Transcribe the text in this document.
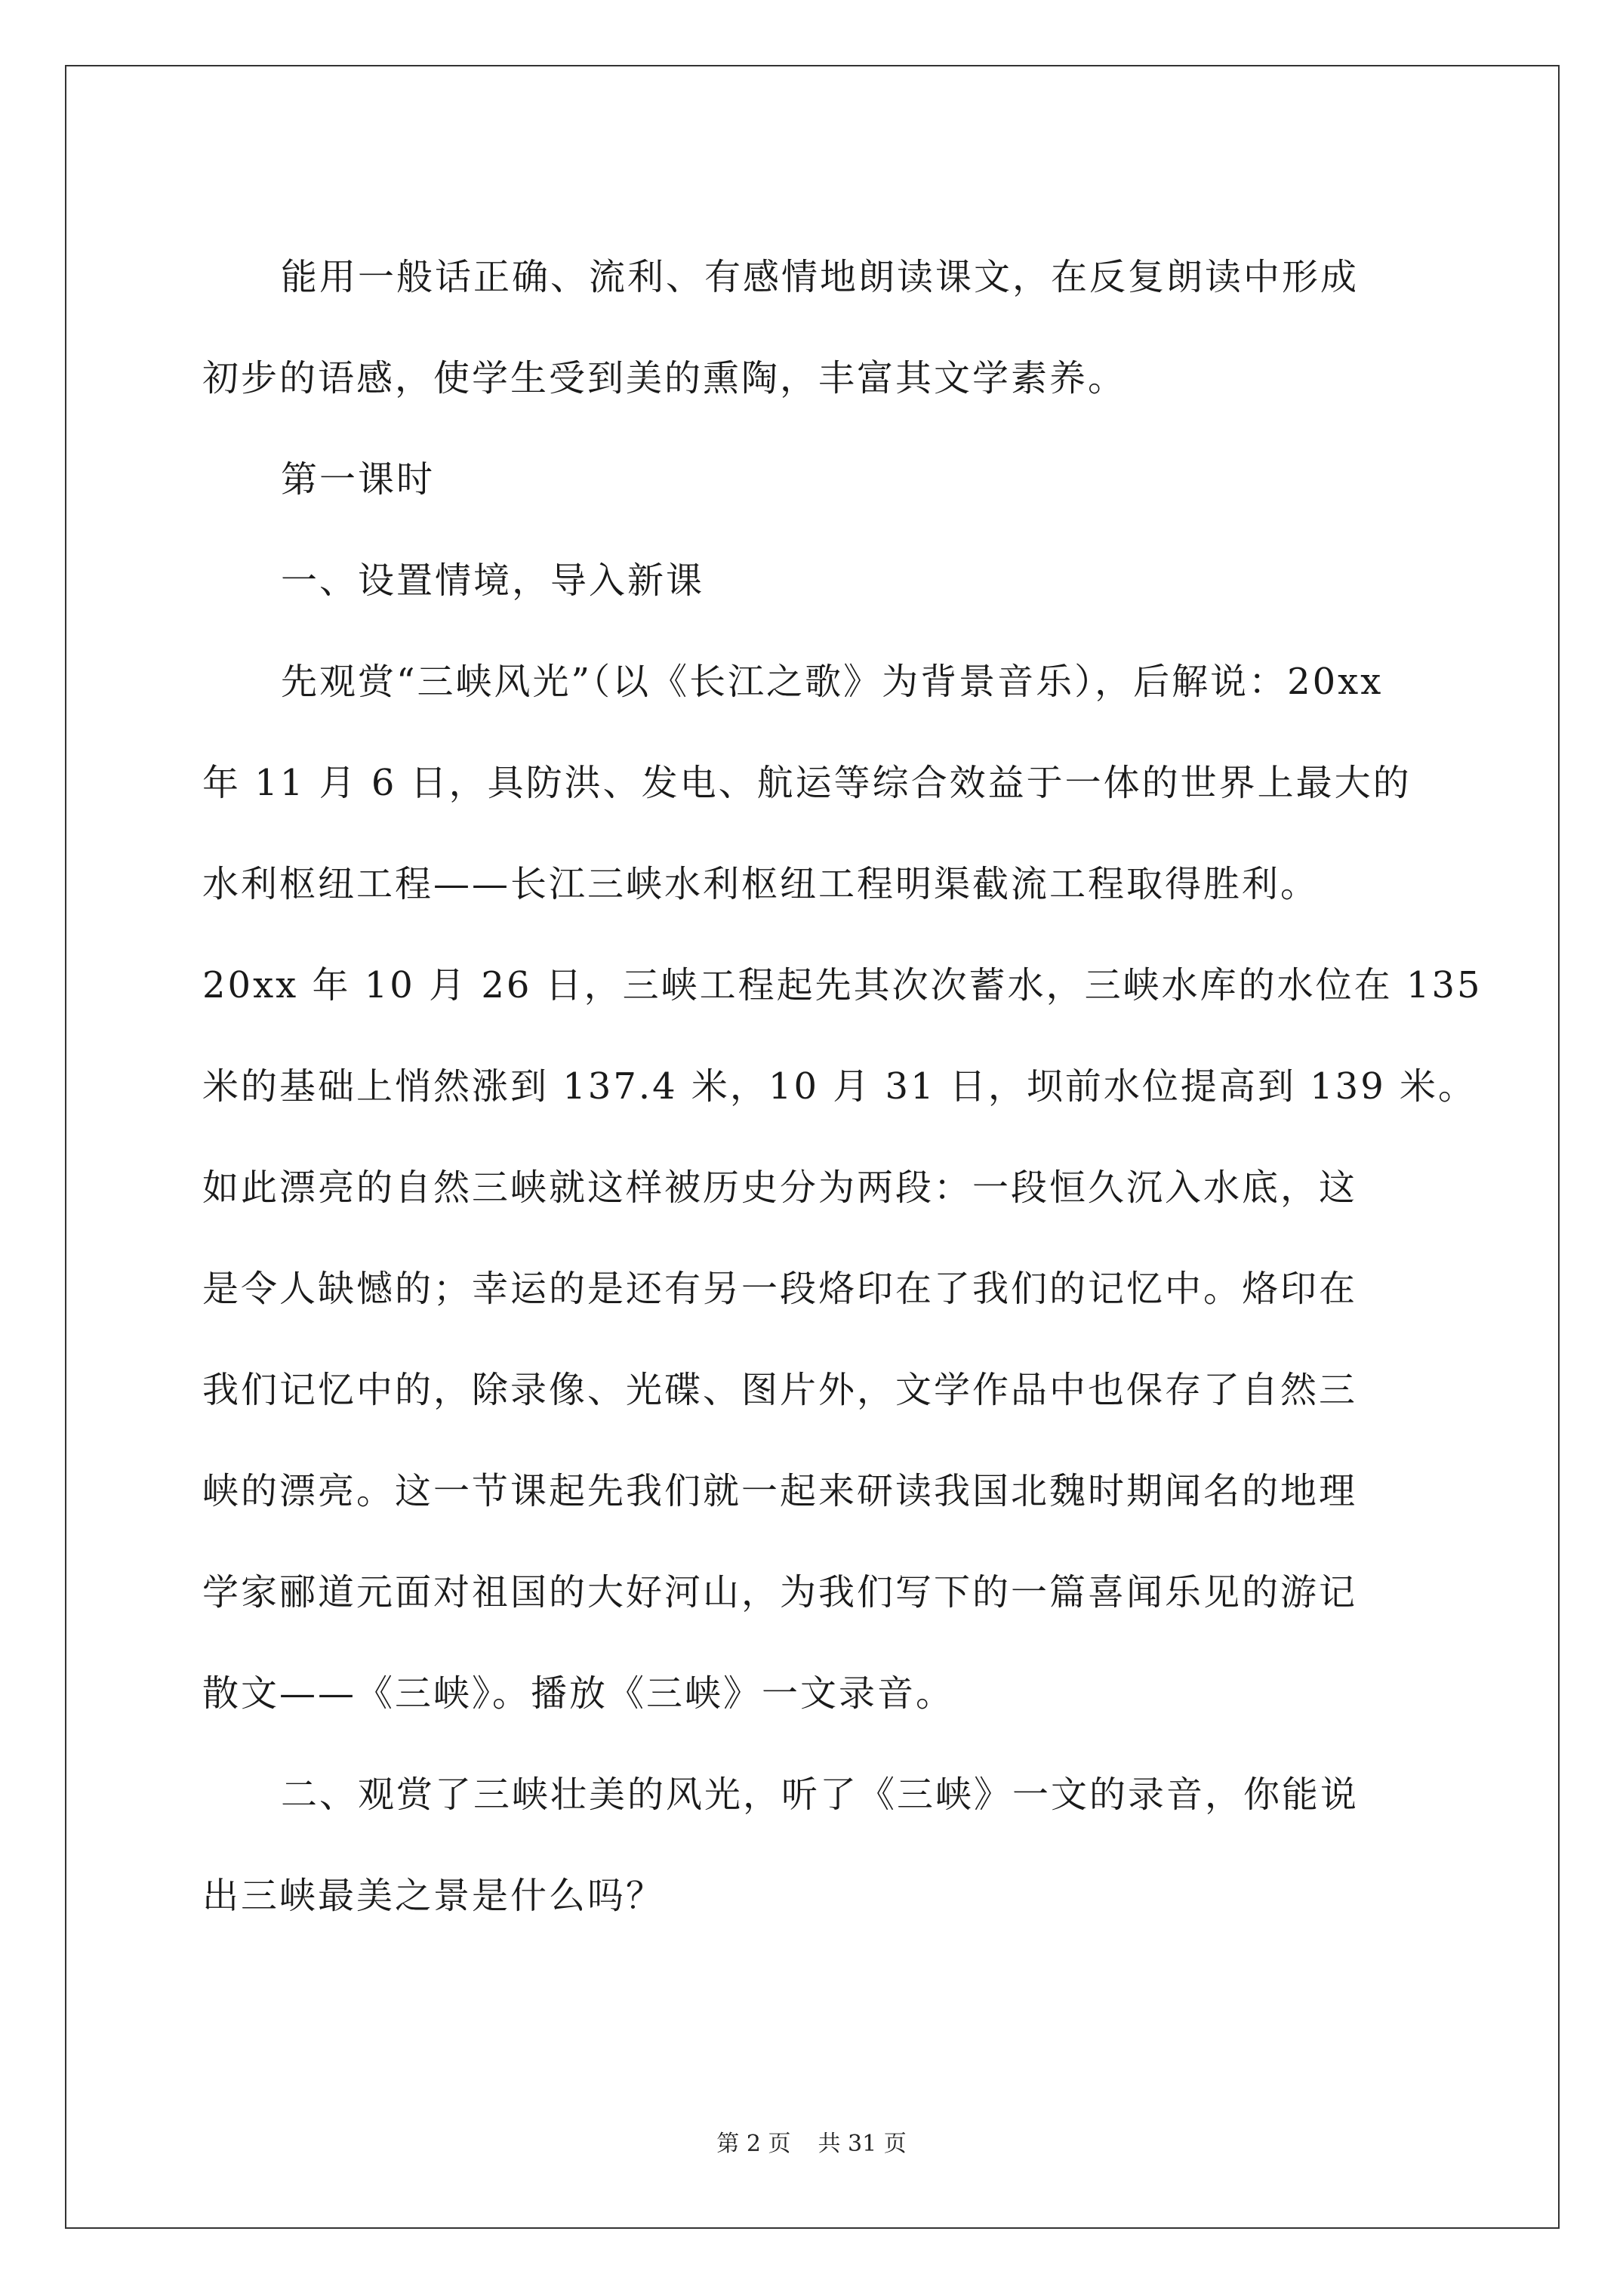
能用一般话正确、流利、有感情地朗读课文，在反复朗读中形成

初步的语感，使学生受到美的熏陶，丰富其文学素养。

第一课时

一、设置情境，导入新课

先观赏“三峡风光”（以《长江之歌》为背景音乐），后解说：20xx

年 11 月 6 日，具防洪、发电、航运等综合效益于一体的世界上最大的

水利枢纽工程——长江三峡水利枢纽工程明渠截流工程取得胜利。

20xx 年 10 月 26 日，三峡工程起先其次次蓄水，三峡水库的水位在 135

米的基础上悄然涨到 137.4 米，10 月 31 日，坝前水位提高到 139 米。

如此漂亮的自然三峡就这样被历史分为两段：一段恒久沉入水底，这

是令人缺憾的；幸运的是还有另一段烙印在了我们的记忆中。烙印在

我们记忆中的，除录像、光碟、图片外，文学作品中也保存了自然三

峡的漂亮。这一节课起先我们就一起来研读我国北魏时期闻名的地理

学家郦道元面对祖国的大好河山，为我们写下的一篇喜闻乐见的游记

散文——《三峡》。播放《三峡》一文录音。

二、观赏了三峡壮美的风光，听了《三峡》一文的录音，你能说

出三峡最美之景是什么吗？

第 2 页 共 31 页
